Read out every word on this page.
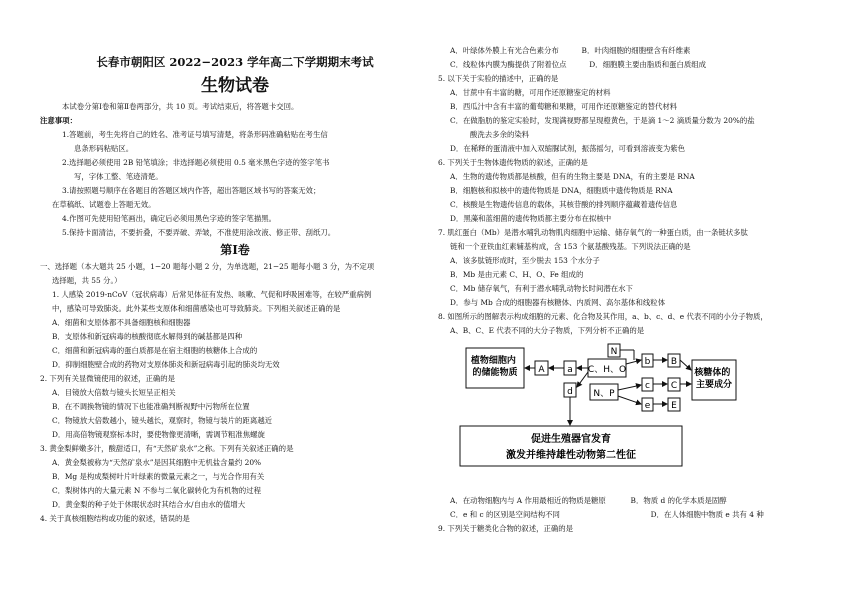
长春市朝阳区 2022−2023 学年高二下学期期末考试
生物试卷
本试卷分第Ⅰ卷和第Ⅱ卷两部分，共 10 页。考试结束后，将答题卡交回。
注意事项：
1.答题前，考生先将自己的姓名、准考证号填写清楚，将条形码准确粘贴在考生信
息条形码粘贴区。
2.选择题必须使用 2B 铅笔填涂；非选择题必须使用 0.5 毫米黑色字迹的签字笔书
写，字体工整、笔迹清楚。
3.请按照题号顺序在各题目的答题区域内作答，超出答题区域书写的答案无效；
在草稿纸、试题卷上答题无效。
4.作图可先使用铅笔画出，确定后必须用黑色字迹的签字笔描黑。
5.保持卡面清洁，不要折叠，不要弄破、弄皱，不准使用涂改液、修正带、刮纸刀。
第Ⅰ卷
一、选择题（本大题共 25 小题，1−20 题每小题 2 分，为单选题，21−25 题每小题 3 分，为不定项
选择题，共 55 分。）
1. 人感染 2019-nCoV（冠状病毒）后常见体征有发热、咳嗽、气促和呼吸困难等，在较严重病例
中，感染可导致肺炎。此外某些支原体和细菌感染也可导致肺炎。下列相关叙述正确的是
A．细菌和支原体都不具备细胞核和细胞器
B．支原体和新冠病毒的核酸彻底水解得到的碱基都是四种
C．细菌和新冠病毒的蛋白质都是在宿主细胞的核糖体上合成的
D．抑制细胞壁合成的药物对支原体肺炎和新冠病毒引起的肺炎均无效
2. 下列有关显微镜使用的叙述，正确的是
A．目镜放大倍数与镜头长短呈正相关
B．在不调换物镜的情况下也能准确判断视野中污物所在位置
C．物镜放大倍数越小，镜头越长，观察时，物镜与装片的距离越近
D．用高倍物镜观察标本时，要使物像更清晰，需调节粗准焦螺旋
3. 黄金梨鲜嫩多汁，酸甜适口，有“天然矿泉水”之称。下列有关叙述正确的是
A．黄金梨被称为“天然矿泉水”是因其细胞中无机盐含量约 20%
B．Mg 是构成梨树叶片叶绿素的微量元素之一，与光合作用有关
C．梨树体内的大量元素 N 不参与二氧化碳转化为有机物的过程
D．黄金梨的种子处于休眠状态时其结合水/自由水的值增大
4. 关于真核细胞结构或功能的叙述，错误的是
A．叶绿体外膜上有光合色素分布	B．叶肉细胞的细胞壁含有纤维素
C．线粒体内膜为酶提供了附着位点	D．细胞膜主要由脂质和蛋白质组成
5. 以下关于实验的描述中，正确的是
A．甘蔗中有丰富的糖，可用作还原糖鉴定的材料
B．西瓜汁中含有丰富的葡萄糖和果糖，可用作还原糖鉴定的替代材料
C．在做脂肪的鉴定实验时，发现满视野都呈现橙黄色，于是滴 1～2 滴质量分数为 20%的盐
酸洗去多余的染料
D．在稀释的蛋清液中加入双缩脲试剂，振荡摇匀，可看到溶液变为紫色
6. 下列关于生物体遗传物质的叙述，正确的是
A．生物的遗传物质都是核酸，但有的生物主要是 DNA，有的主要是 RNA
B．细胞核和拟核中的遗传物质是 DNA，细胞质中遗传物质是 RNA
C．核酸是生物遗传信息的载体，其核苷酸的排列顺序蕴藏着遗传信息
D．黑藻和蓝细菌的遗传物质都主要分布在拟核中
7. 肌红蛋白（Mb）是潜水哺乳动物肌肉细胞中运输、储存氧气的一种蛋白质，由一条链状多肽
链和一个亚铁血红素辅基构成，含 153 个氨基酸残基。下列说法正确的是
A．该多肽链形成时，至少脱去 153 个水分子
B．Mb 是由元素 C、H、O、Fe 组成的
C．Mb 储存氧气，有利于潜水哺乳动物长时间潜在水下
D．参与 Mb 合成的细胞器有核糖体、内质网、高尔基体和线粒体
8. 如图所示的图解表示构成细胞的元素、化合物及其作用，a、b、c、d、e 代表不同的小分子物质，
A、B、C、E 代表不同的大分子物质，下列分析不正确的是
植物细胞内 的储能物质 A	a C、H、O
N
N、P
d
b
c
e
B
C
E
核糖体的 主要成分
促进生殖器官发育
激发并维持雄性动物第二性征
A．在动物细胞内与 A 作用最相近的物质是糖原	B．物质 d 的化学本质是固醇
C．e 和 c 的区别是空间结构不同	D．在人体细胞中物质 e 共有 4 种
9. 下列关于糖类化合物的叙述，正确的是
